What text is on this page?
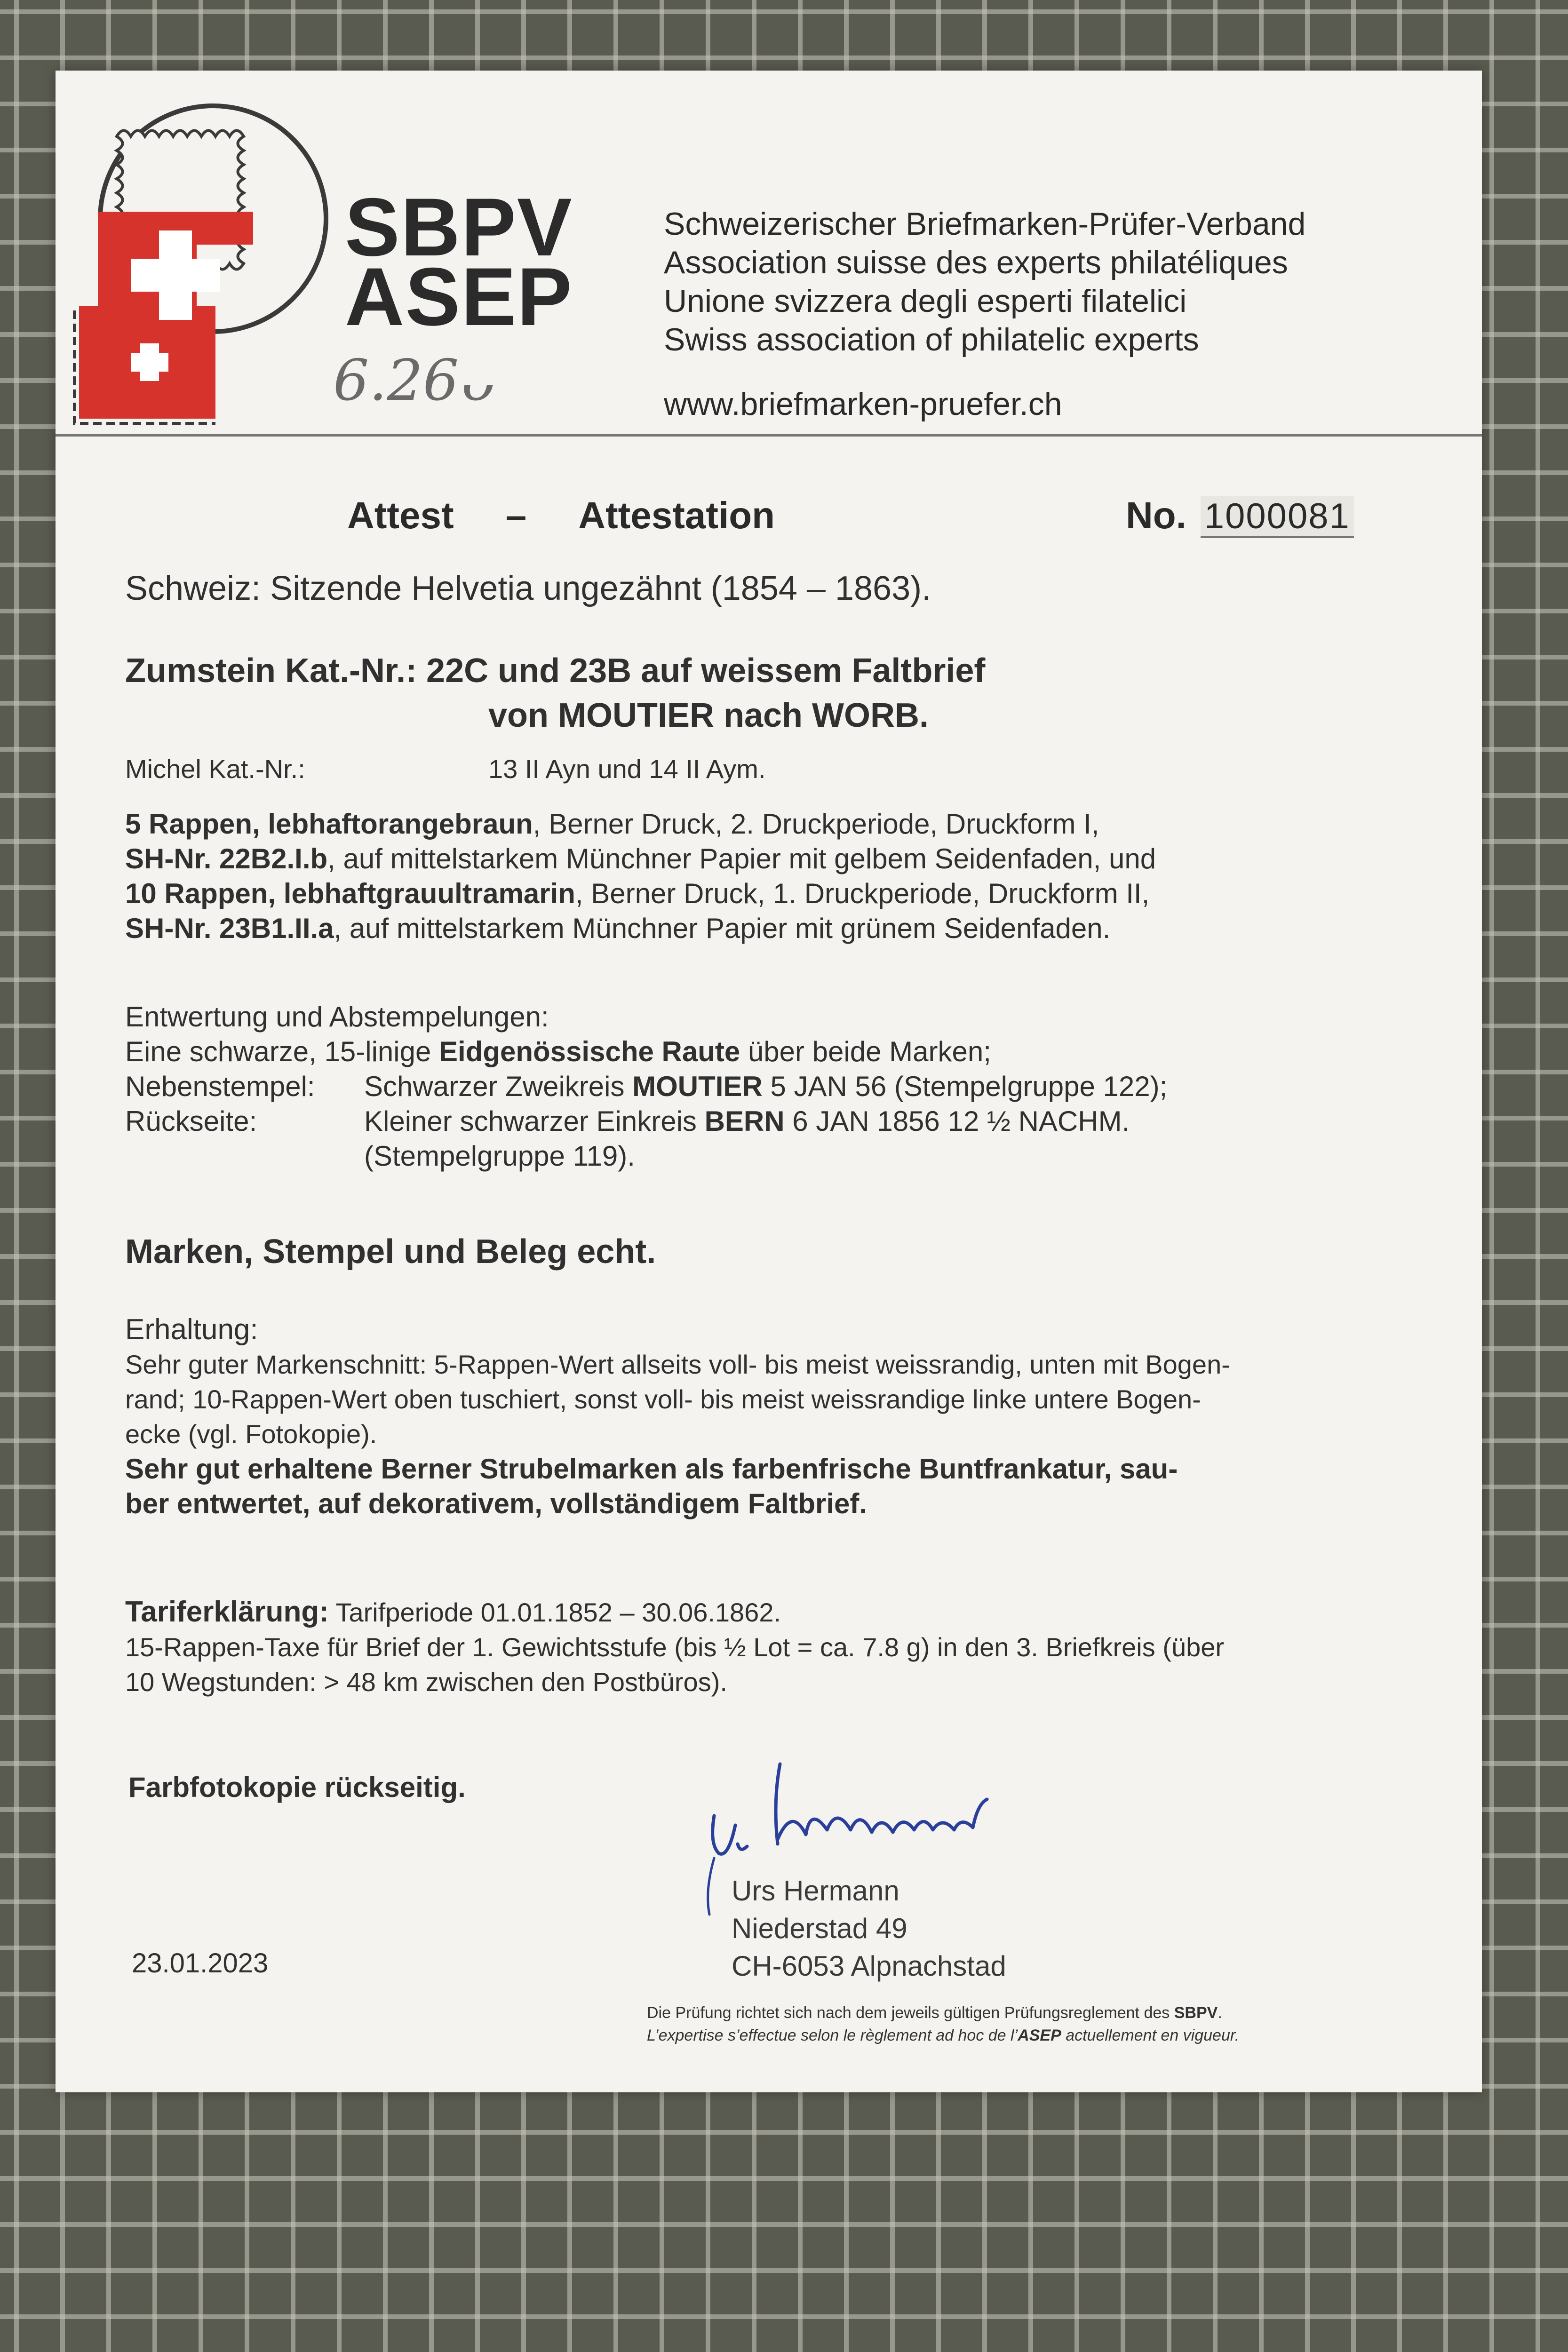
SBPV
ASEP
6.26ᴗ
Schweizerischer Briefmarken-Prüfer-Verband
Association suisse des experts philatéliques
Unione svizzera degli esperti filatelici
Swiss association of philatelic experts
www.briefmarken-pruefer.ch
Attest – Attestation	No. 1000081
Schweiz: Sitzende Helvetia ungezähnt (1854 – 1863).
Zumstein Kat.-Nr.: 22C und 23B auf weissem Faltbrief
von MOUTIER nach WORB.
Michel Kat.-Nr.:	13 II Ayn und 14 II Aym.
5 Rappen, lebhaftorangebraun, Berner Druck, 2. Druckperiode, Druckform I,
SH-Nr. 22B2.I.b, auf mittelstarkem Münchner Papier mit gelbem Seidenfaden, und
10 Rappen, lebhaftgrauultramarin, Berner Druck, 1. Druckperiode, Druckform II,
SH-Nr. 23B1.II.a, auf mittelstarkem Münchner Papier mit grünem Seidenfaden.
Entwertung und Abstempelungen:
Eine schwarze, 15-linige Eidgenössische Raute über beide Marken;
Nebenstempel: Schwarzer Zweikreis MOUTIER 5 JAN 56 (Stempelgruppe 122);
Rückseite:	Kleiner schwarzer Einkreis BERN 6 JAN 1856 12 ½ NACHM.
(Stempelgruppe 119).
Marken, Stempel und Beleg echt.
Erhaltung:
Sehr guter Markenschnitt: 5-Rappen-Wert allseits voll- bis meist weissrandig, unten mit Bogen-
rand; 10-Rappen-Wert oben tuschiert, sonst voll- bis meist weissrandige linke untere Bogen-
ecke (vgl. Fotokopie).
Sehr gut erhaltene Berner Strubelmarken als farbenfrische Buntfrankatur, sau-
ber entwertet, auf dekorativem, vollständigem Faltbrief.
Tariferklärung: Tarifperiode 01.01.1852 – 30.06.1862.
15-Rappen-Taxe für Brief der 1. Gewichtsstufe (bis ½ Lot = ca. 7.8 g) in den 3. Briefkreis (über
10 Wegstunden: > 48 km zwischen den Postbüros).
Farbfotokopie rückseitig.
23.01.2023
Urs Hermann
Niederstad 49
CH-6053 Alpnachstad
Die Prüfung richtet sich nach dem jeweils gültigen Prüfungsreglement des SBPV.
L’expertise s’effectue selon le règlement ad hoc de l’ASEP actuellement en vigueur.
